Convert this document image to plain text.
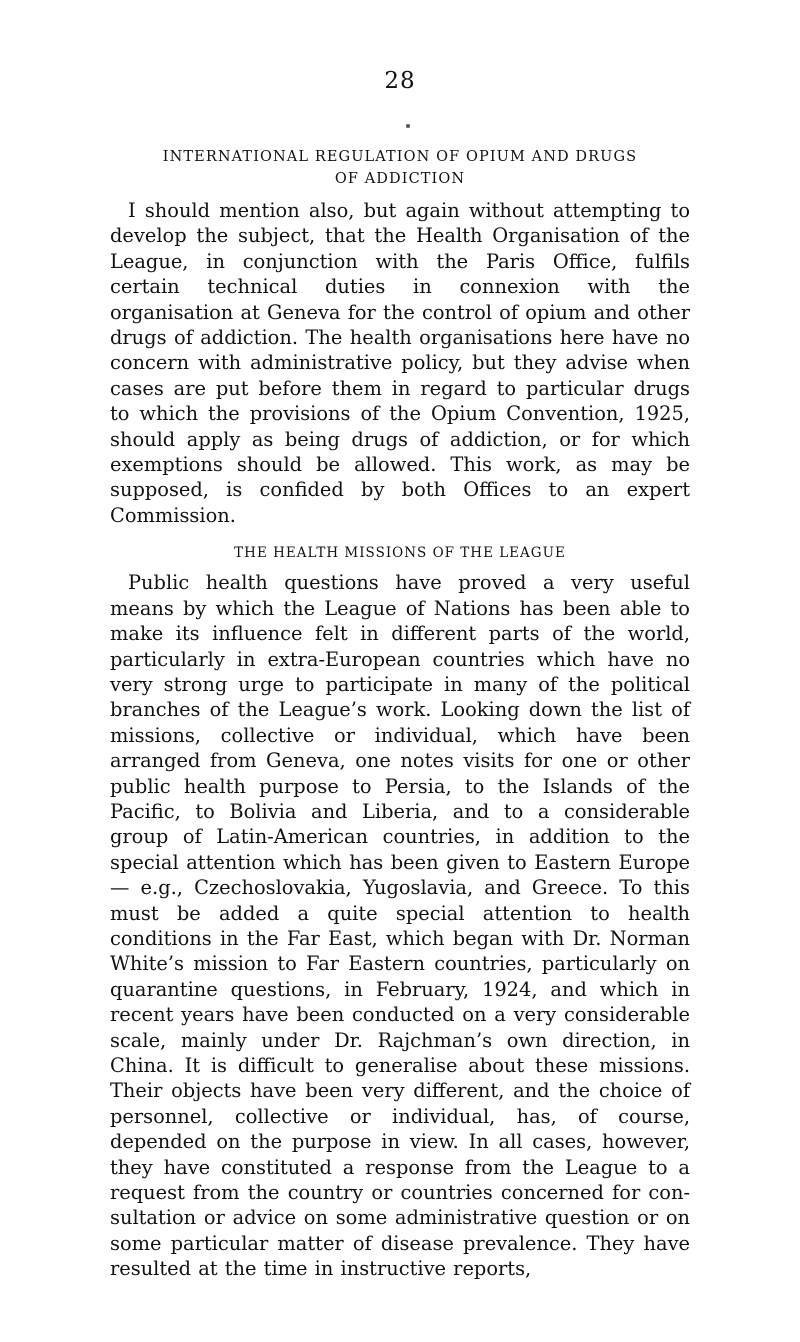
28
INTERNATIONAL REGULATION OF OPIUM AND DRUGS
OF ADDICTION

I should mention also, but again without attempting to develop the subject, that the Health Organisation of the League, in conjunction with the Paris Office, fulfils certain technical duties in connexion with the organisation at Geneva for the control of opium and other drugs of addiction. The health organisations here have no concern with administrative policy, but they advise when cases are put before them in regard to particular drugs to which the provisions of the Opium Convention, 1925, should apply as being drugs of addiction, or for which exemptions should be allowed. This work, as may be supposed, is confided by both Offices to an expert Commission.

THE HEALTH MISSIONS OF THE LEAGUE

Public health questions have proved a very useful means by which the League of Nations has been able to make its influence felt in different parts of the world, particularly in extra-European countries which have no very strong urge to participate in many of the political branches of the League’s work. Looking down the list of missions, collective or individual, which have been arranged from Geneva, one notes visits for one or other public health purpose to Persia, to the Islands of the Pacific, to Bolivia and Liberia, and to a considerable group of Latin-American countries, in addition to the special attention which has been given to Eastern Europe— e.g., Czechoslovakia, Yugoslavia, and Greece. To this must be added a quite special attention to health conditions in the Far East, which began with Dr. Norman White’s mission to Far Eastern countries, particularly on quarantine questions, in February, 1924, and which in recent years have been conducted on a very considerable scale, mainly under Dr. Rajchman’s own direction, in China. It is difficult to generalise about these missions. Their objects have been very different, and the choice of personnel, collective or individual, has, of course, depended on the purpose in view. In all cases, however, they have constituted a response from the League to a request from the country or countries concerned for con- sultation or advice on some administrative question or on some particular matter of disease prevalence. They have resulted at the time in instructive reports,
